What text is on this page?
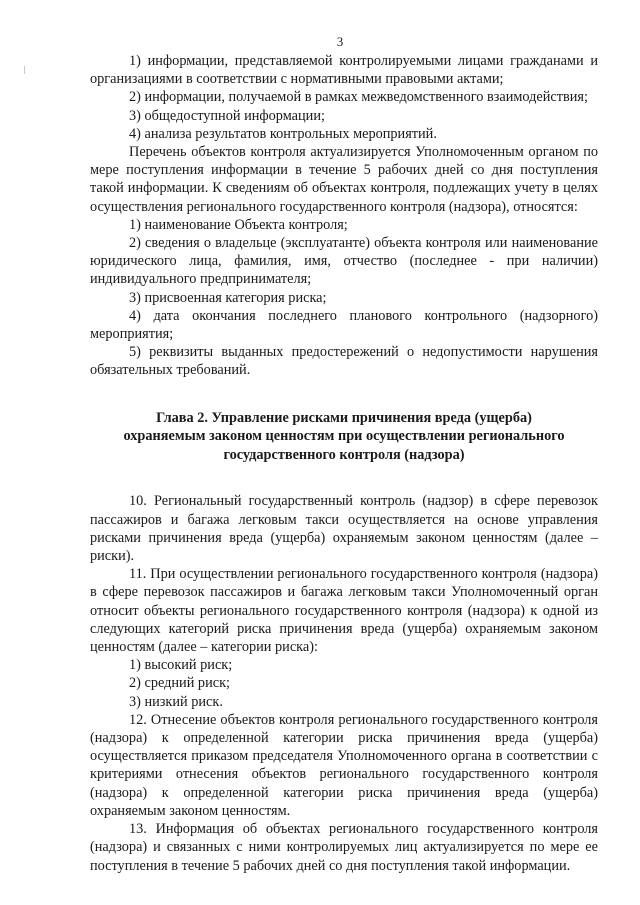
3

1) информации, представляемой контролируемыми лицами гражданами и организациями в соответствии с нормативными правовыми актами;

2) информации, получаемой в рамках межведомственного взаимодействия;

3) общедоступной информации;

4) анализа результатов контрольных мероприятий.

Перечень объектов контроля актуализируется Уполномоченным органом по мере поступления информации в течение 5 рабочих дней со дня поступления такой информации. К сведениям об объектах контроля, подлежащих учету в целях осуществления регионального государственного контроля (надзора), относятся:

1) наименование Объекта контроля;

2) сведения о владельце (эксплуатанте) объекта контроля или наименование юридического лица, фамилия, имя, отчество (последнее - при наличии) индивидуального предпринимателя;

3) присвоенная категория риска;

4) дата окончания последнего планового контрольного (надзорного) мероприятия;

5) реквизиты выданных предостережений о недопустимости нарушения обязательных требований.

Глава 2. Управление рисками причинения вреда (ущерба)
охраняемым законом ценностям при осуществлении регионального
государственного контроля (надзора)

10. Региональный государственный контроль (надзор) в сфере перевозок пассажиров и багажа легковым такси осуществляется на основе управления рисками причинения вреда (ущерба) охраняемым законом ценностям (далее – риски).

11. При осуществлении регионального государственного контроля (надзора) в сфере перевозок пассажиров и багажа легковым такси Уполномоченный орган относит объекты регионального государственного контроля (надзора) к одной из следующих категорий риска причинения вреда (ущерба) охраняемым законом ценностям (далее – категории риска):

1) высокий риск;

2) средний риск;

3) низкий риск.

12. Отнесение объектов контроля регионального государственного контроля (надзора) к определенной категории риска причинения вреда (ущерба) осуществляется приказом председателя Уполномоченного органа в соответствии с критериями отнесения объектов регионального государственного контроля (надзора) к определенной категории риска причинения вреда (ущерба) охраняемым законом ценностям.

13. Информация об объектах регионального государственного контроля (надзора) и связанных с ними контролируемых лиц актуализируется по мере ее поступления в течение 5 рабочих дней со дня поступления такой информации.
